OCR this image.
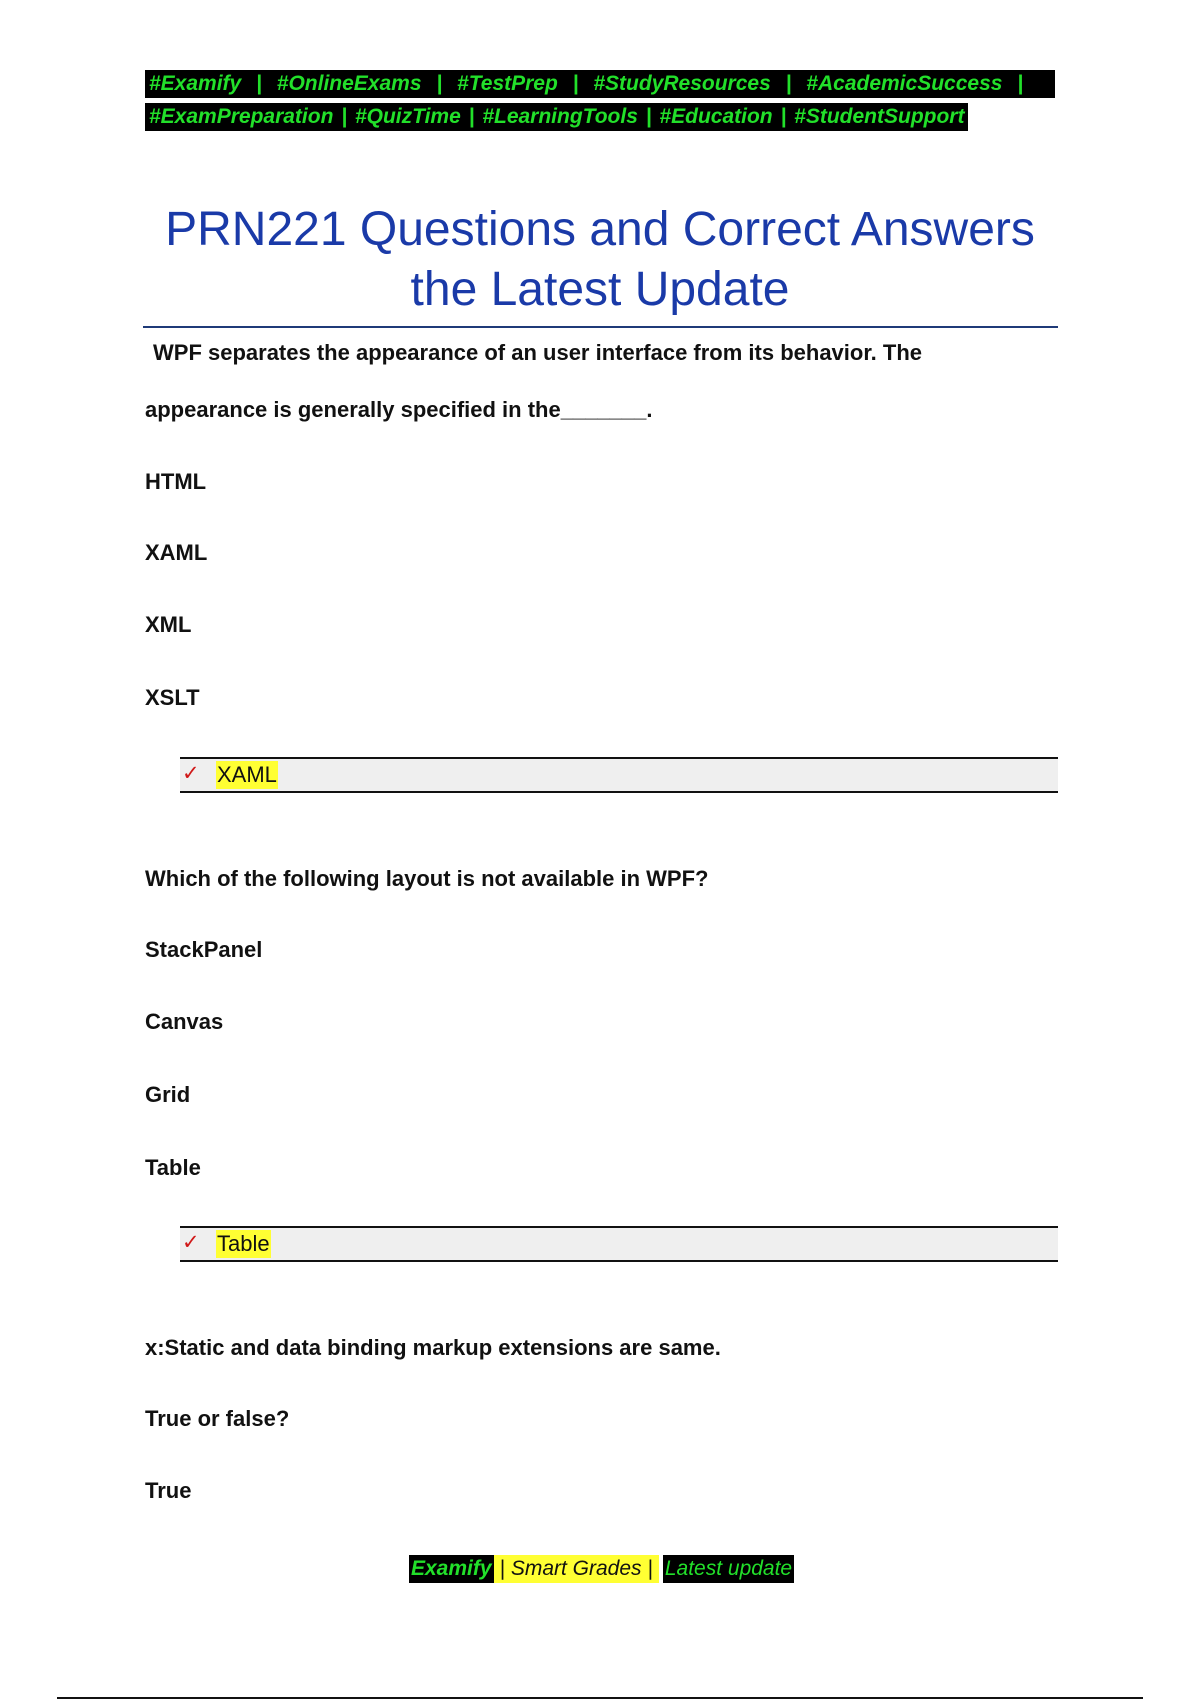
#Examify | #OnlineExams | #TestPrep | #StudyResources | #AcademicSuccess |
#ExamPreparation | #QuizTime | #LearningTools | #Education | #StudentSupport
PRN221 Questions and Correct Answers
the Latest Update
WPF separates the appearance of an user interface from its behavior. The
appearance is generally specified in the_______.
HTML
XAML
XML
XSLT
✓ XAML
Which of the following layout is not available in WPF?
StackPanel
Canvas
Grid
Table
✓ Table
x:Static and data binding markup extensions are same.
True or false?
True
Examify | Smart Grades | Latest update
